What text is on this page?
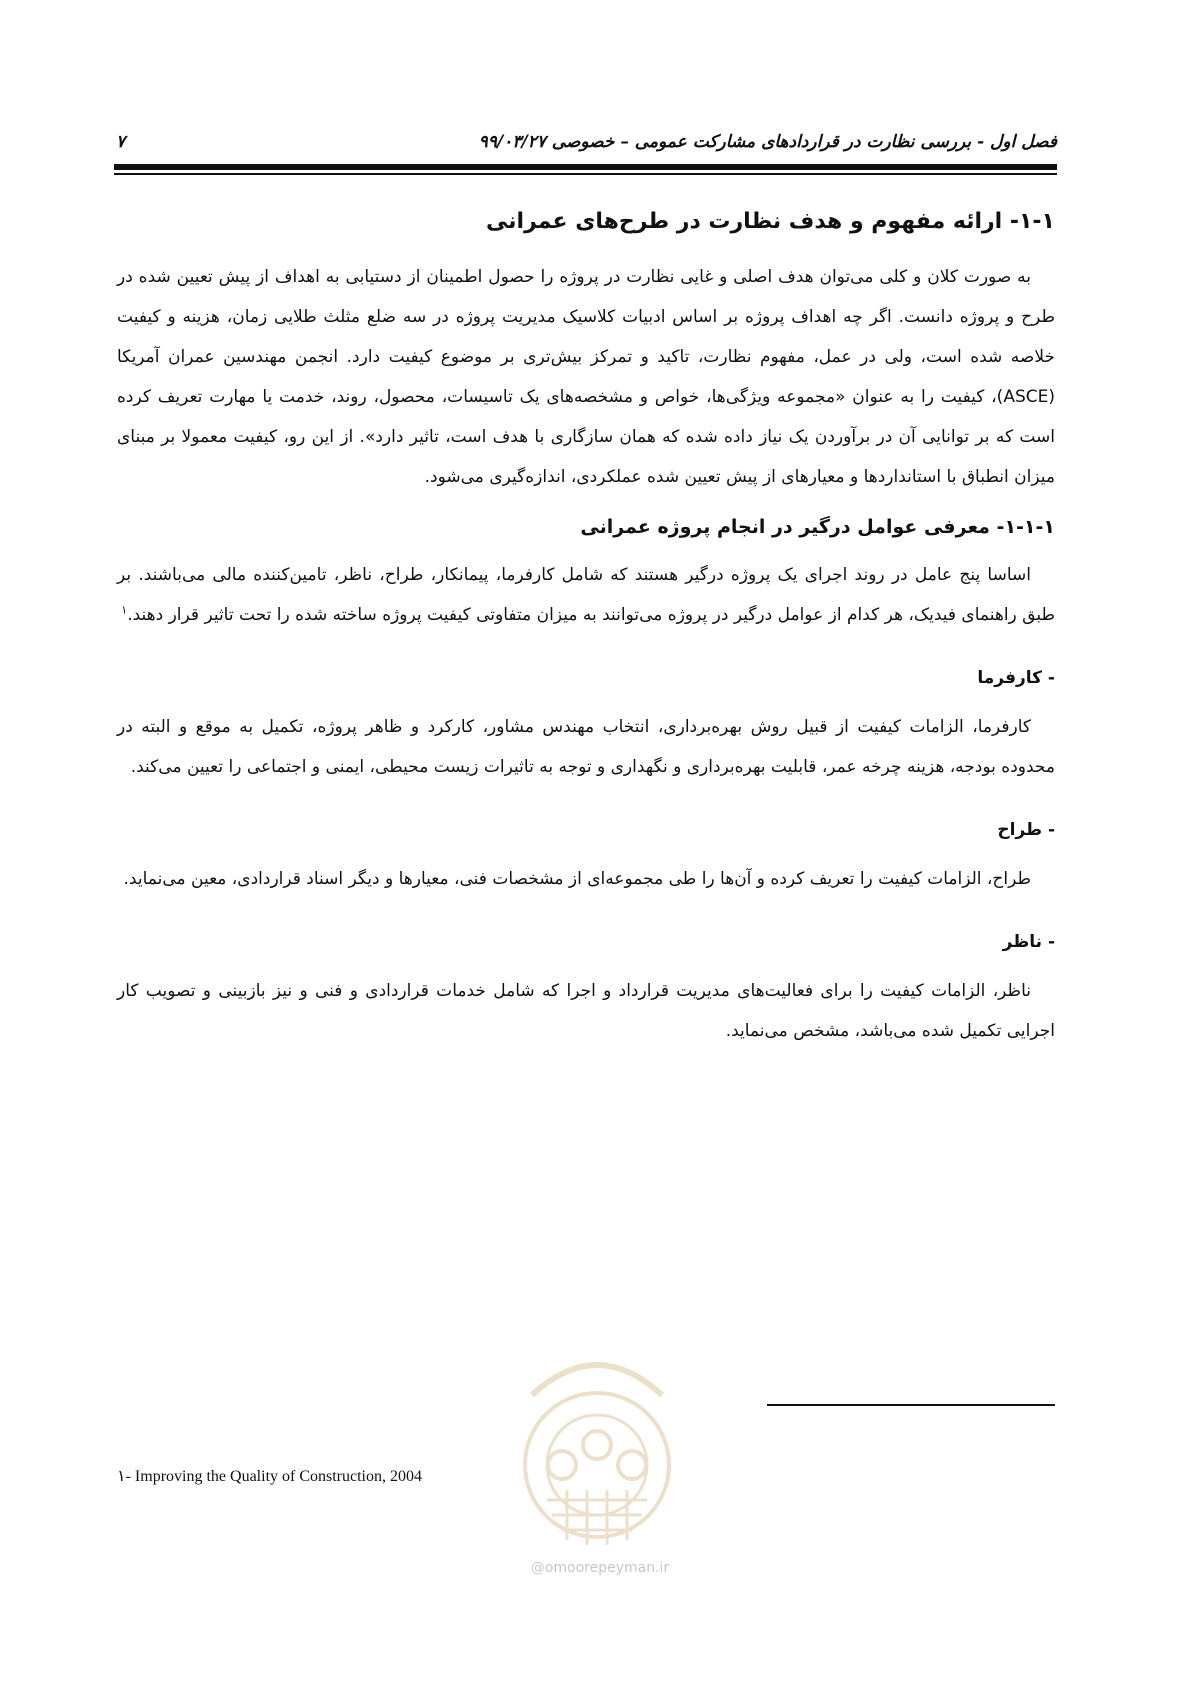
فصل اول - بررسی نظارت در قراردادهای مشارکت عمومی – خصوصی ۹۹/۰۳/۲۷
۷
۱-۱- ارائه مفهوم و هدف نظارت در طرح‌های عمرانی

به صورت کلان و کلی می‌توان هدف اصلی و غایی نظارت در پروژه را حصول اطمینان از دستیابی به اهداف از پیش تعیین شده در طرح و پروژه دانست. اگر چه اهداف پروژه بر اساس ادبیات کلاسیک مدیریت پروژه در سه ضلع مثلث طلایی زمان، هزینه و کیفیت خلاصه شده است، ولی در عمل، مفهوم نظارت، تاکید و تمرکز بیش‌تری بر موضوع کیفیت دارد. انجمن مهندسین عمران آمریکا (ASCE)، کیفیت را به عنوان «مجموعه ویژگی‌ها، خواص و مشخصه‌های یک تاسیسات، محصول، روند، خدمت یا مهارت تعریف کرده است که بر توانایی آن در برآوردن یک نیاز داده شده که همان سازگاری با هدف است، تاثیر دارد». از این رو، کیفیت معمولا بر مبنای میزان انطباق با استانداردها و معیارهای از پیش تعیین شده عملکردی، اندازه‌گیری می‌شود.

۱-۱-۱- معرفی عوامل درگیر در انجام پروژه عمرانی

اساسا پنج عامل در روند اجرای یک پروژه درگیر هستند که شامل کارفرما، پیمانکار، طراح، ناظر، تامین‌کننده مالی می‌باشند. بر طبق راهنمای فیدیک، هر کدام از عوامل درگیر در پروژه می‌توانند به میزان متفاوتی کیفیت پروژه ساخته شده را تحت تاثیر قرار دهند.$^۱$

- کارفرما

کارفرما، الزامات کیفیت از قبیل روش بهره‌برداری، انتخاب مهندس مشاور، کارکرد و ظاهر پروژه، تکمیل به موقع و البته در محدوده بودجه، هزینه چرخه عمر، قابلیت بهره‌برداری و نگهداری و توجه به تاثیرات زیست محیطی، ایمنی و اجتماعی را تعیین می‌کند.

- طراح

طراح، الزامات کیفیت را تعریف کرده و آن‌ها را طی مجموعه‌ای از مشخصات فنی، معیارها و دیگر اسناد قراردادی، معین می‌نماید.

- ناظر

ناظر، الزامات کیفیت را برای فعالیت‌های مدیریت قرارداد و اجرا که شامل خدمات قراردادی و فنی و نیز بازبینی و تصویب کار اجرایی تکمیل شده می‌باشد، مشخص می‌نماید.

۱- Improving the Quality of Construction, 2004
@omoorepeyman.ir
